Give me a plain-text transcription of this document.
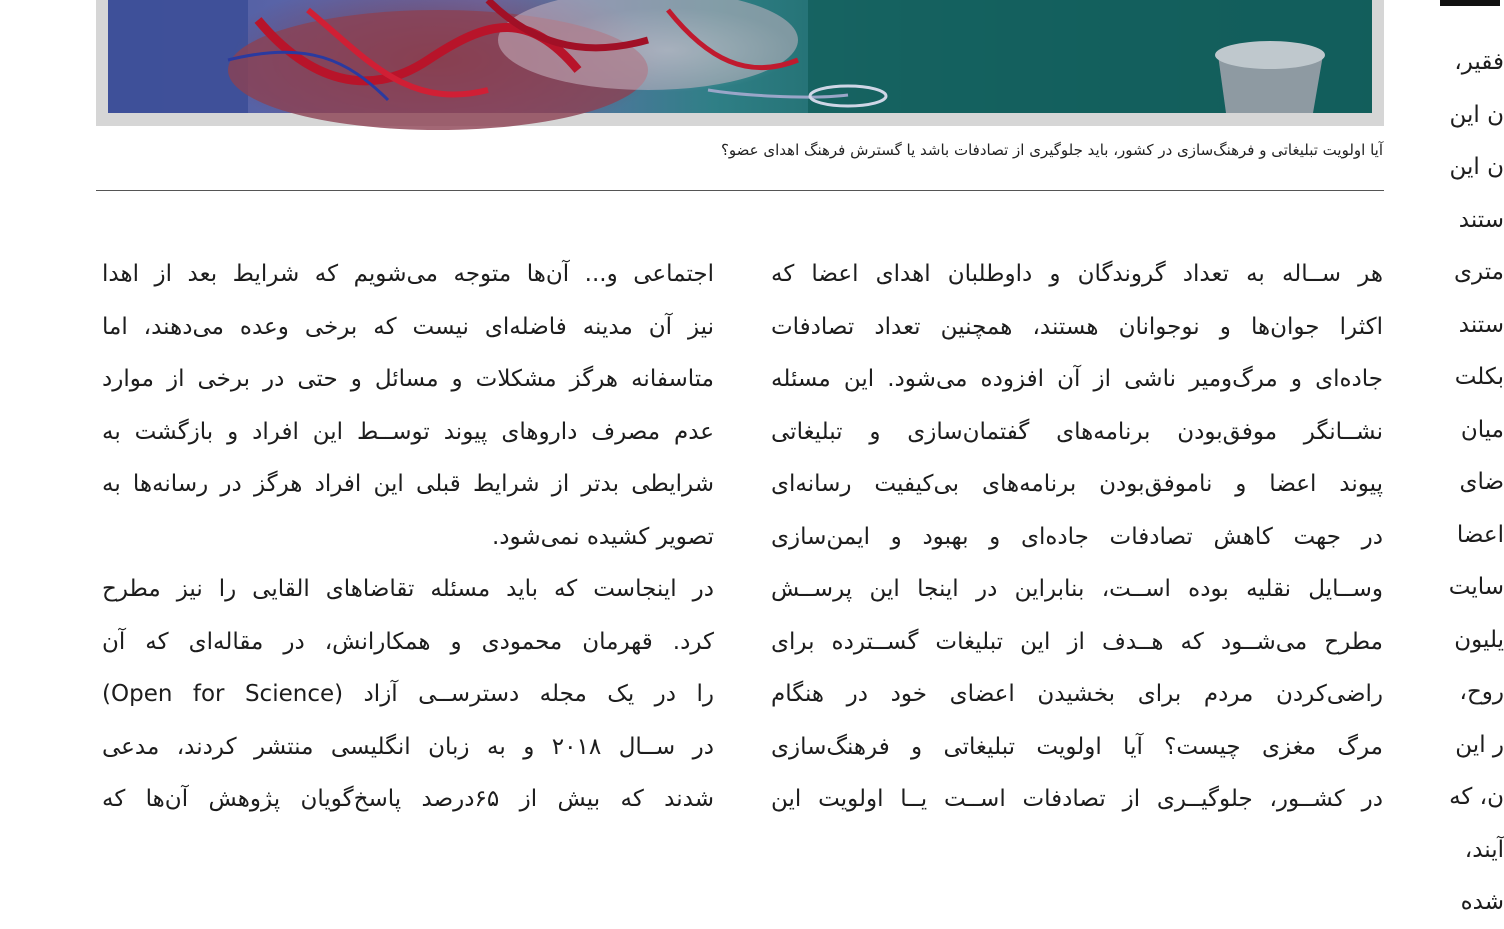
آیا اولویت تبلیغاتی و فرهنگ‌سازی در کشور، باید جلوگیری از تصادفات باشد یا گسترش فرهنگ اهدای عضو؟
هر ســاله به تعداد گروندگان و داوطلبان اهدای اعضا که
اکثرا جوان‌ها و نوجوانان هستند، همچنین تعداد تصادفات
جاده‌ای و مرگ‌ومیر ناشی از آن افزوده می‌شود. این مسئله
نشــانگر موفق‌بودن برنامه‌های گفتمان‌سازی و تبلیغاتی
پیوند اعضا و ناموفق‌بودن برنامه‌های بی‌کیفیت رسانه‌ای
در جهت کاهش تصادفات جاده‌ای و بهبود و ایمن‌سازی
وســایل نقلیه بوده اســت، بنابراین در اینجا این پرســش
مطرح می‌شــود که هــدف از این تبلیغات گســترده برای
راضی‌کردن مردم برای بخشیدن اعضای خود در هنگام
مرگ مغزی چیست؟ آیا اولویت تبلیغاتی و فرهنگ‌سازی
در کشــور، جلوگیــری از تصادفات اســت یــا اولویت این
اجتماعی و... آن‌ها متوجه می‌شویم که شرایط بعد از اهدا
نیز آن مدینه فاضله‌ای نیست که برخی وعده می‌دهند، اما
متاسفانه هرگز مشکلات و مسائل و حتی در برخی از موارد
عدم مصرف داروهای پیوند توســط این افراد و بازگشت به
شرایطی بدتر از شرایط قبلی این افراد هرگز در رسانه‌ها به
تصویر کشیده نمی‌شود.
در اینجاست که باید مسئله تقاضاهای القایی را نیز مطرح
کرد. قهرمان محمودی و همکارانش، در مقاله‌ای که آن
را در یک مجله دسترســی آزاد (Open for Science)
در ســال ۲۰۱۸ و به زبان انگلیسی منتشر کردند، مدعی
شدند که بیش از ۶۵درصد پاسخ‌گویان پژوهش آن‌ها که
فقیر،
ن این
ن این
ستند
متری
ستند
بکلت
میان
ضای
اعضا
سایت
یلیون
روح،
ر این
ن، که
آیند،
شده
